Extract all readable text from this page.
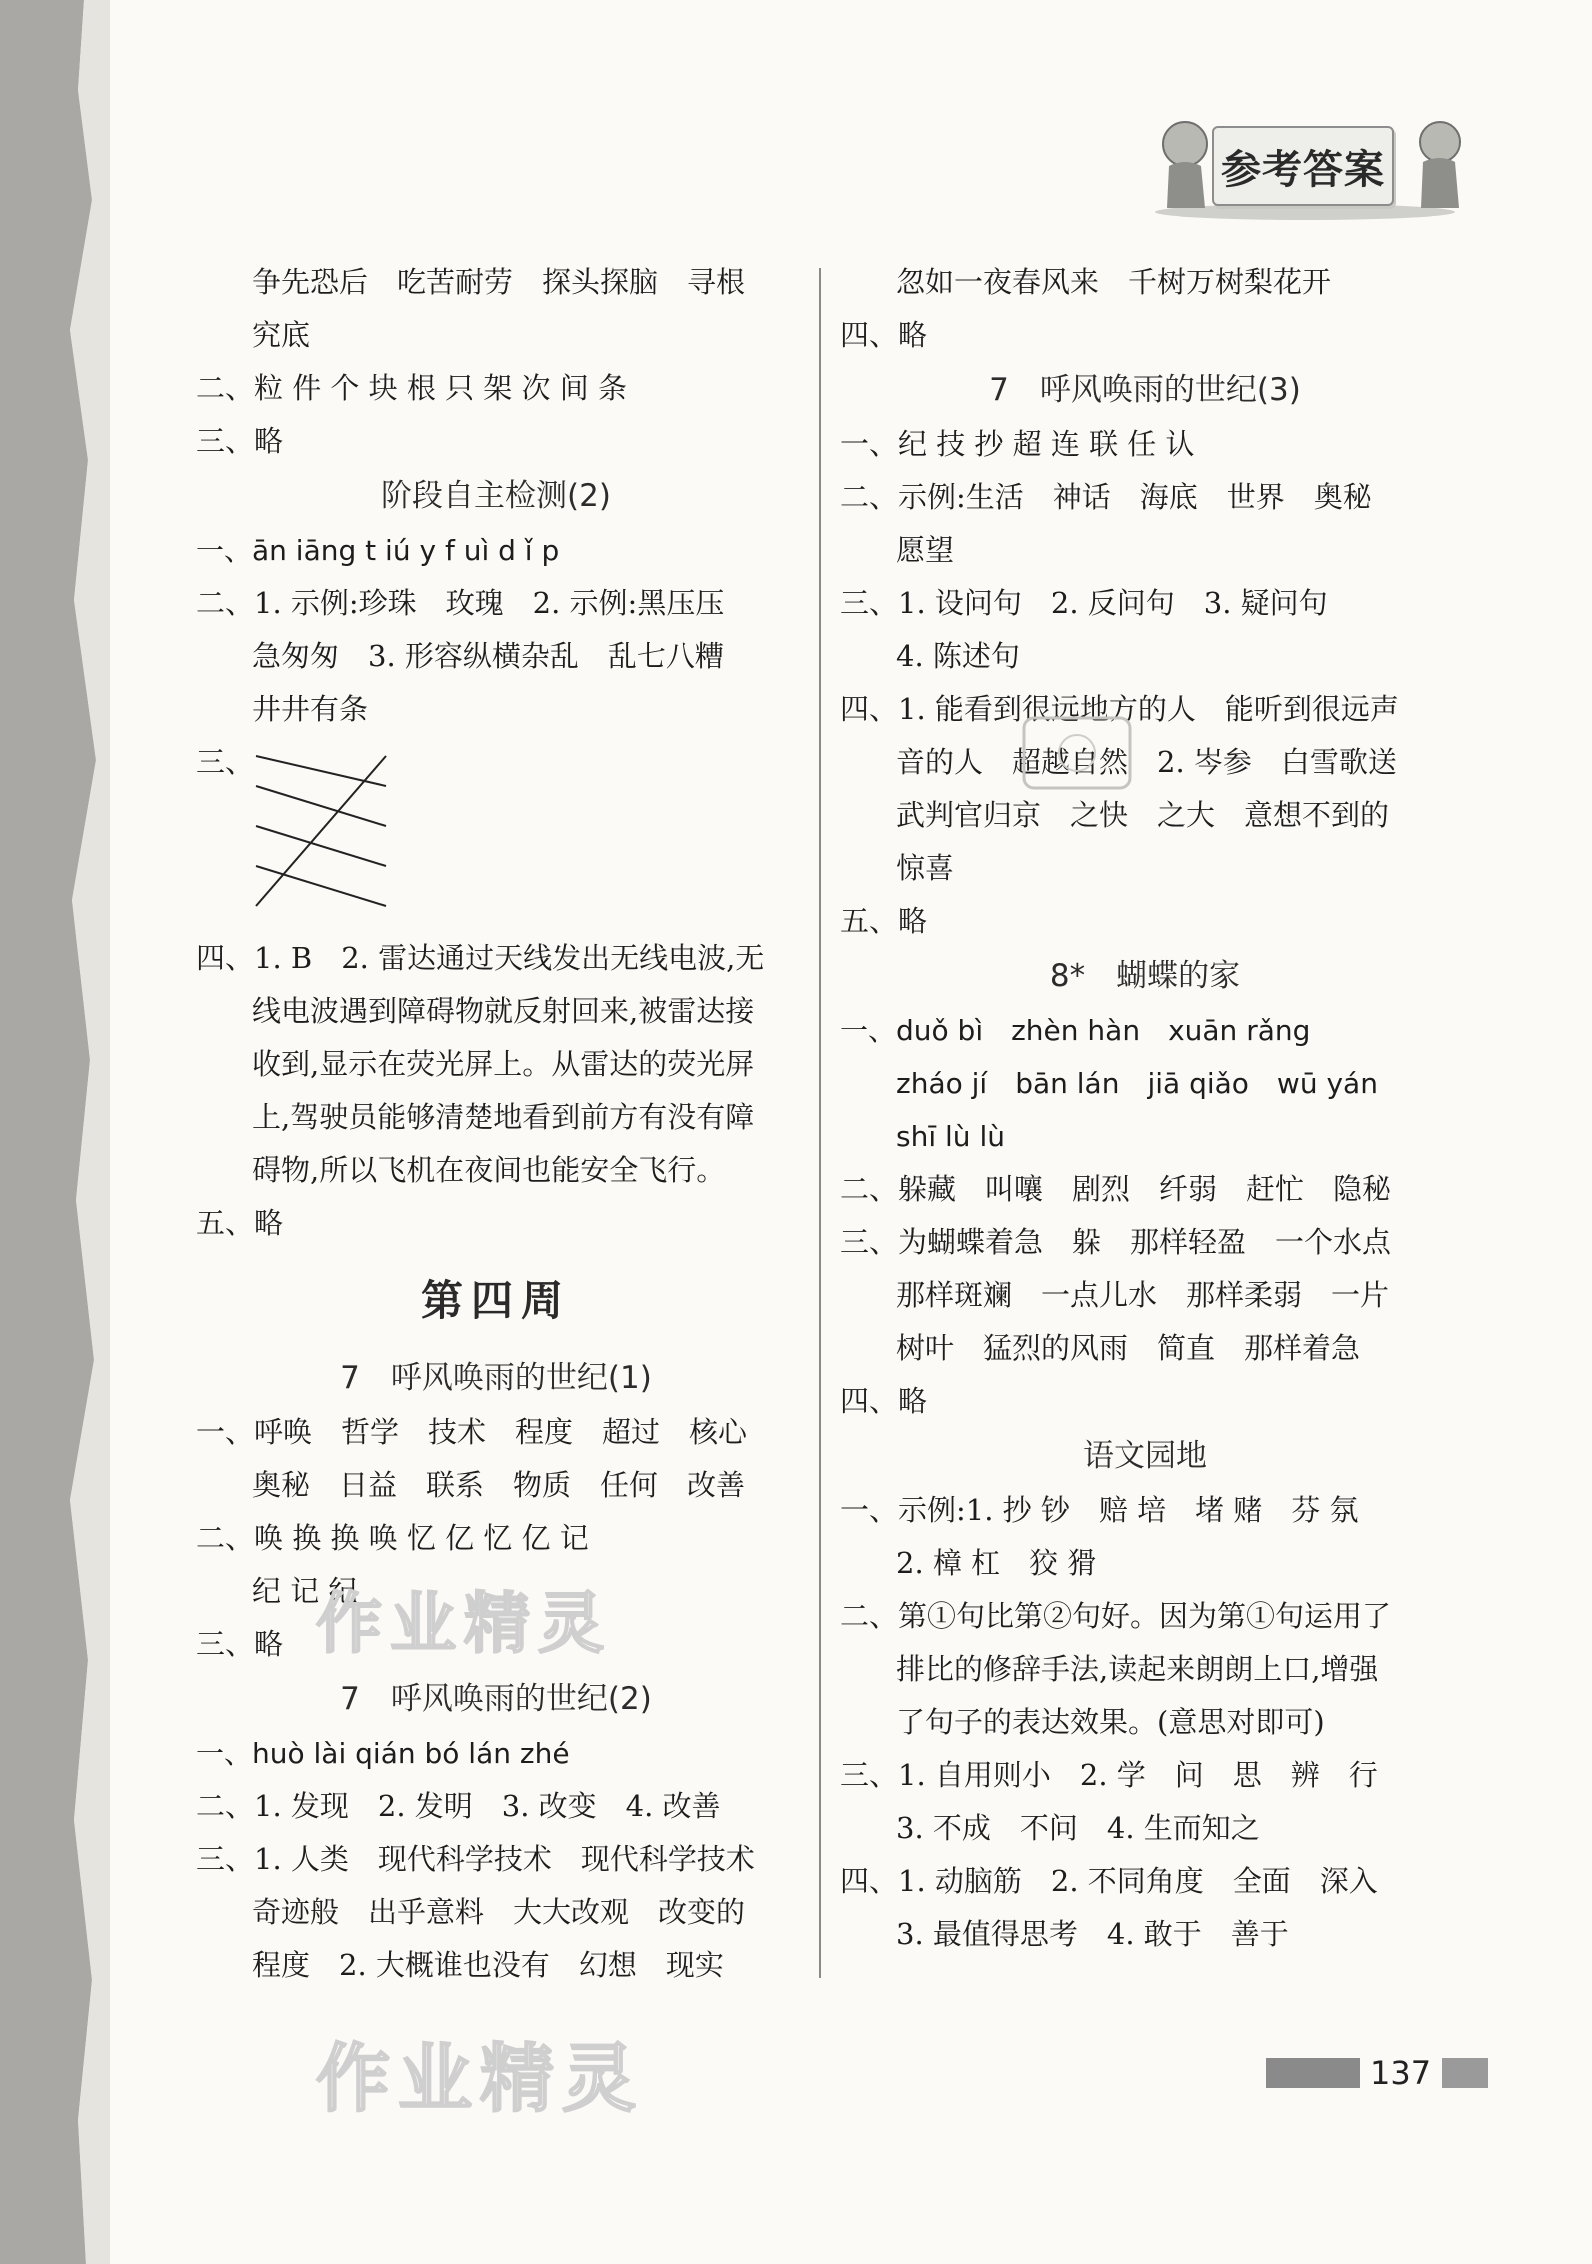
参考答案
争先恐后　吃苦耐劳　探头探脑　寻根
究底
二、粒 件 个 块 根 只 架 次 间 条
三、略
阶段自主检测(2)
一、ān iāng t iú y f uì d ǐ p
二、1. 示例:珍珠　玫瑰　2. 示例:黑压压
急匆匆　3. 形容纵横杂乱　乱七八糟
井井有条
三、
四、1. B　2. 雷达通过天线发出无线电波,无
线电波遇到障碍物就反射回来,被雷达接
收到,显示在荧光屏上。从雷达的荧光屏
上,驾驶员能够清楚地看到前方有没有障
碍物,所以飞机在夜间也能安全飞行。
五、略
第四周
7　呼风唤雨的世纪(1)
一、呼唤　哲学　技术　程度　超过　核心
奥秘　日益　联系　物质　任何　改善
二、唤 换 换 唤 忆 亿 忆 亿 记
纪 记 纪
三、略
7　呼风唤雨的世纪(2)
一、huò lài qián bó lán zhé
二、1. 发现　2. 发明　3. 改变　4. 改善
三、1. 人类　现代科学技术　现代科学技术
奇迹般　出乎意料　大大改观　改变的
程度　2. 大概谁也没有　幻想　现实
忽如一夜春风来　千树万树梨花开
四、略
7　呼风唤雨的世纪(3)
一、纪 技 抄 超 连 联 任 认
二、示例:生活　神话　海底　世界　奥秘
愿望
三、1. 设问句　2. 反问句　3. 疑问句
4. 陈述句
四、1. 能看到很远地方的人　能听到很远声
音的人　超越自然　2. 岑参　白雪歌送
武判官归京　之快　之大　意想不到的
惊喜
五、略
8*　蝴蝶的家
一、duǒ bì　zhèn hàn　xuān rǎng
zháo jí　bān lán　jiā qiǎo　wū yán
shī lù lù
二、躲藏　叫嚷　剧烈　纤弱　赶忙　隐秘
三、为蝴蝶着急　躲　那样轻盈　一个水点
那样斑斓　一点儿水　那样柔弱　一片
树叶　猛烈的风雨　简直　那样着急
四、略
语文园地
一、示例:1. 抄 钞　赔 培　堵 赌　芬 氛
2. 樟 杠　狡 猾
二、第①句比第②句好。因为第①句运用了
排比的修辞手法,读起来朗朗上口,增强
了句子的表达效果。(意思对即可)
三、1. 自用则小　2. 学　问　思　辨　行
3. 不成　不问　4. 生而知之
四、1. 动脑筋　2. 不同角度　全面　深入
3. 最值得思考　4. 敢于　善于
作业精灵
作业精灵	137
